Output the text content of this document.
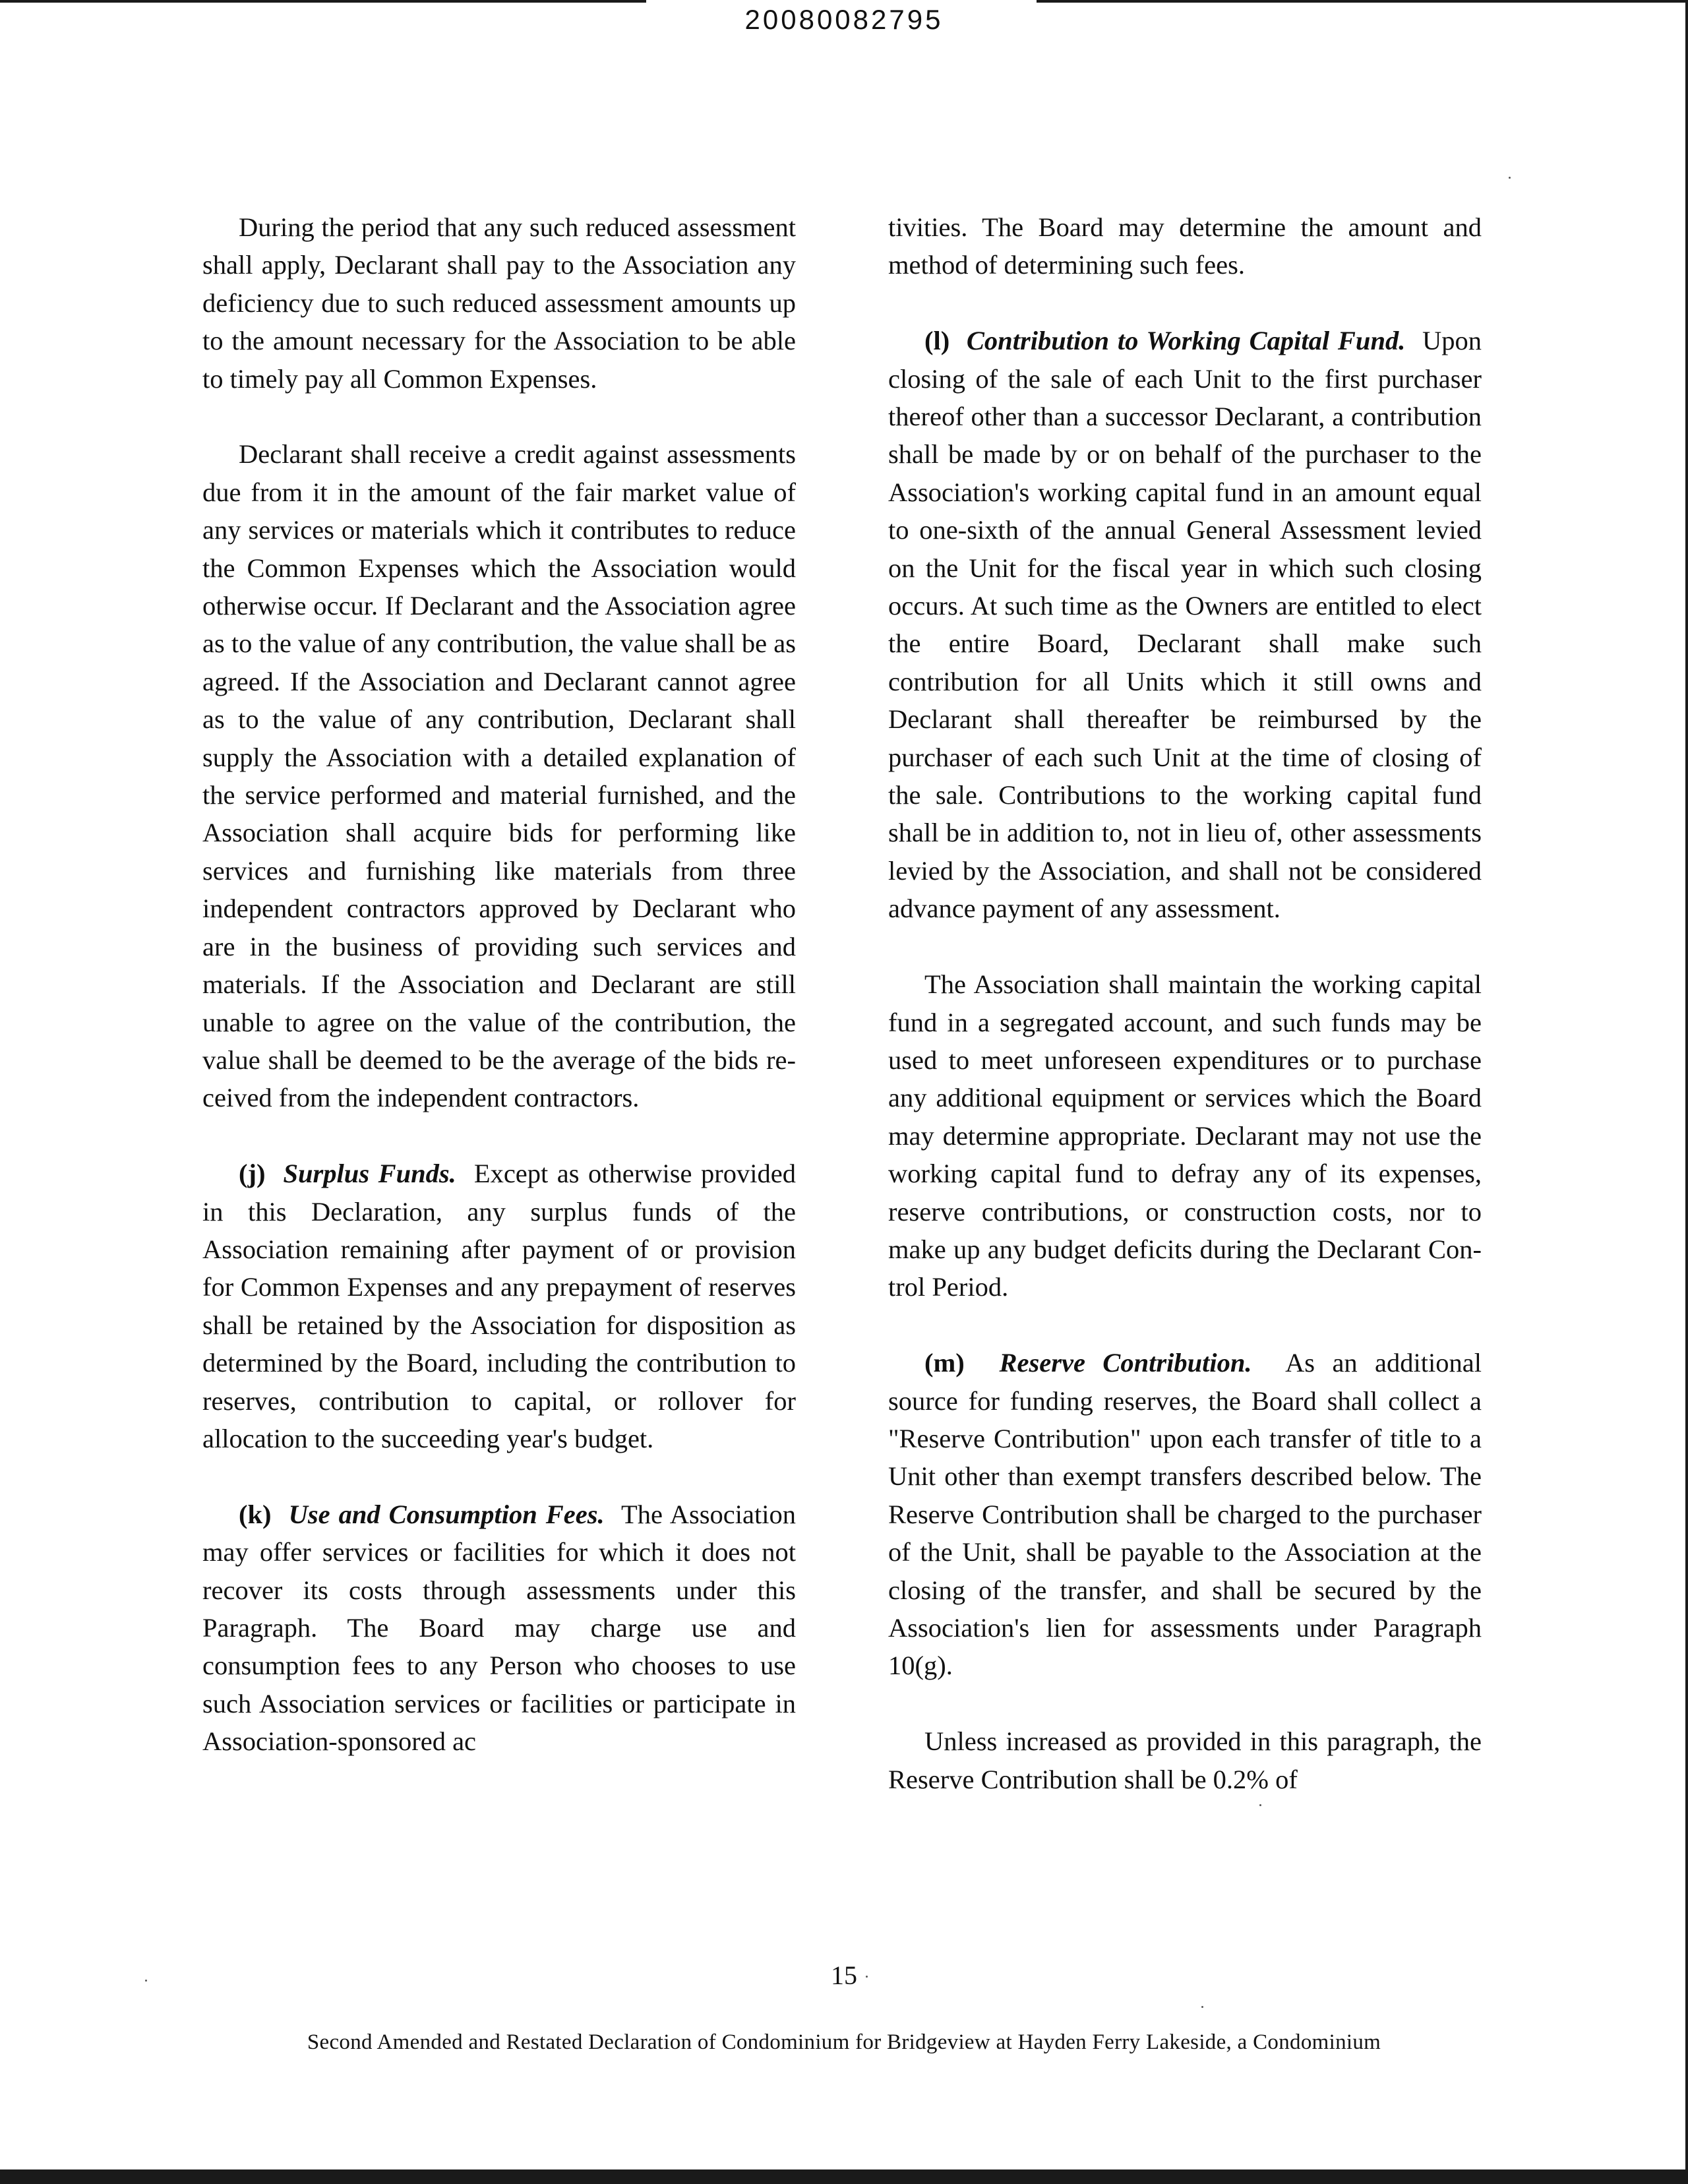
20080082795

During the period that any such reduced assessment shall apply, Declarant shall pay to the Association any deficiency due to such reduced assessment amounts up to the amount necessary for the Association to be able to timely pay all Common Expenses.

Declarant shall receive a credit against assessments due from it in the amount of the fair market value of any services or materials which it contributes to reduce the Common Expenses which the Association would otherwise occur. If Declarant and the Association agree as to the value of any contribution, the value shall be as agreed. If the Association and Declarant cannot agree as to the value of any contribution, Declarant shall supply the Association with a detailed explanation of the service performed and material furnished, and the Association shall acquire bids for performing like services and furnishing like materials from three independent contractors approved by Declarant who are in the business of providing such services and materials. If the Association and Declarant are still unable to agree on the value of the contribution, the value shall be deemed to be the average of the bids received from the independent contractors.

(j) Surplus Funds. Except as otherwise provided in this Declaration, any surplus funds of the Association remaining after payment of or provision for Common Expenses and any prepayment of reserves shall be retained by the Association for disposition as determined by the Board, including the contribution to reserves, contribution to capital, or rollover for allocation to the succeeding year's budget.

(k) Use and Consumption Fees. The Association may offer services or facilities for which it does not recover its costs through assessments under this Paragraph. The Board may charge use and consumption fees to any Person who chooses to use such Association services or facilities or participate in Association-sponsored ac

tivities. The Board may determine the amount and method of determining such fees.

(l) Contribution to Working Capital Fund. Upon closing of the sale of each Unit to the first purchaser thereof other than a successor Declarant, a contribution shall be made by or on behalf of the purchaser to the Association's working capital fund in an amount equal to one-sixth of the annual General Assessment levied on the Unit for the fiscal year in which such closing occurs. At such time as the Owners are entitled to elect the entire Board, Declarant shall make such contribution for all Units which it still owns and Declarant shall thereafter be reimbursed by the purchaser of each such Unit at the time of closing of the sale. Contributions to the working capital fund shall be in addition to, not in lieu of, other assessments levied by the Association, and shall not be considered advance payment of any assessment.

The Association shall maintain the working capital fund in a segregated account, and such funds may be used to meet unforeseen expenditures or to purchase any additional equipment or services which the Board may determine appropriate. Declarant may not use the working capital fund to defray any of its expenses, reserve contributions, or construction costs, nor to make up any budget deficits during the Declarant Control Period.

(m) Reserve Contribution. As an additional source for funding reserves, the Board shall collect a "Reserve Contribution" upon each transfer of title to a Unit other than exempt transfers described below. The Reserve Contribution shall be charged to the purchaser of the Unit, shall be payable to the Association at the closing of the transfer, and shall be secured by the Association's lien for assessments under Paragraph 10(g).

Unless increased as provided in this paragraph, the Reserve Contribution shall be 0.2% of

15
Second Amended and Restated Declaration of Condominium for Bridgeview at Hayden Ferry Lakeside, a Condominium
